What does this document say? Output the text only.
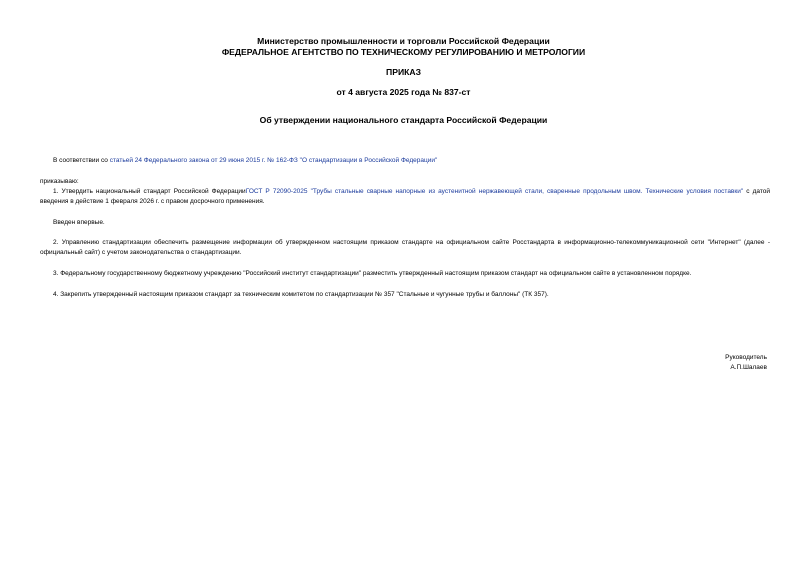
Министерство промышленности и торговли Российской Федерации
ФЕДЕРАЛЬНОЕ АГЕНТСТВО ПО ТЕХНИЧЕСКОМУ РЕГУЛИРОВАНИЮ И МЕТРОЛОГИИ
ПРИКАЗ
от 4 августа 2025 года № 837-ст
Об утверждении национального стандарта Российской Федерации
В соответствии со статьей 24 Федерального закона от 29 июня 2015 г. № 162-ФЗ "О стандартизации в Российской Федерации"
приказываю:
1. Утвердить национальный стандарт Российской ФедерацииГОСТ Р 72090-2025 "Трубы стальные сварные напорные из аустенитной нержавеющей стали, сваренные продольным швом. Технические условия поставки" с датой введения в действие 1 февраля 2026 г. с правом досрочного применения.
Введен впервые.
2. Управлению стандартизации обеспечить размещение информации об утвержденном настоящим приказом стандарте на официальном сайте Росстандарта в информационно-телекоммуникационной сети "Интернет" (далее - официальный сайт) с учетом законодательства о стандартизации.
3. Федеральному государственному бюджетному учреждению "Российский институт стандартизации" разместить утвержденный настоящим приказом стандарт на официальном сайте в установленном порядке.
4. Закрепить утвержденный настоящим приказом стандарт за техническим комитетом по стандартизации № 357 "Стальные и чугунные трубы и баллоны" (ТК 357).
Руководитель
А.П.Шалаев
